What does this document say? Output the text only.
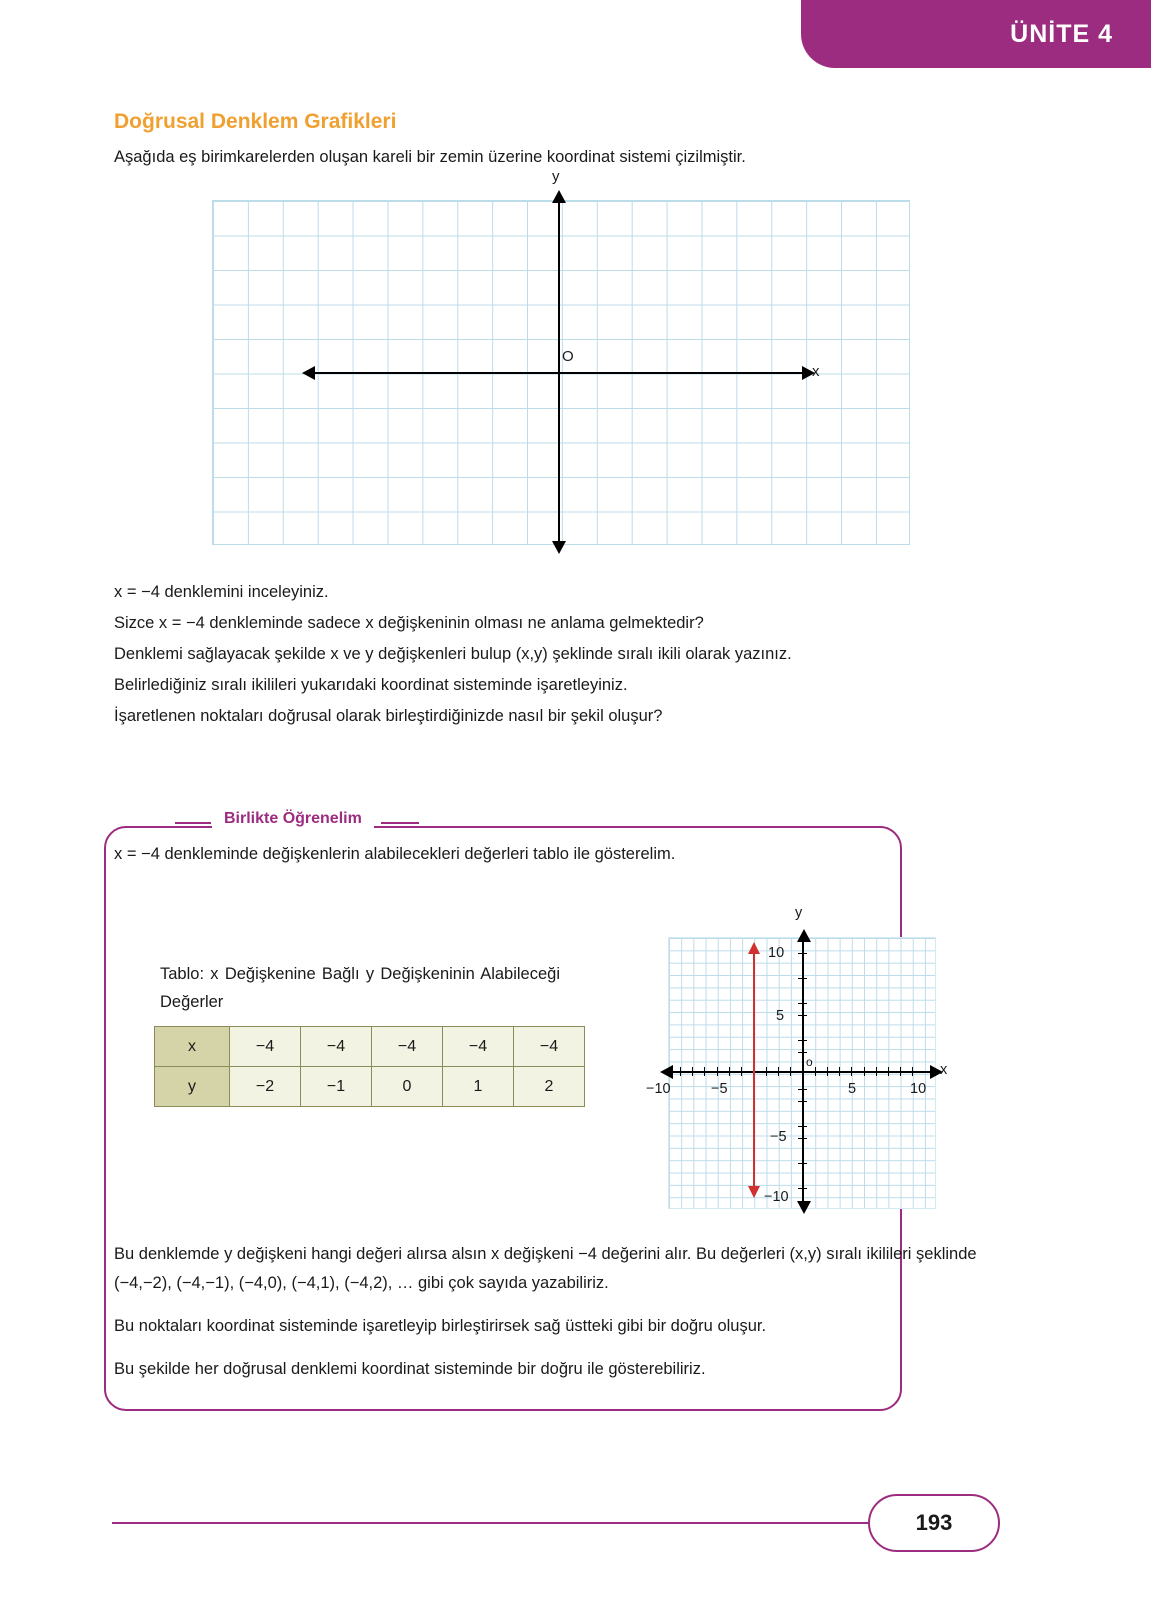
ÜNİTE 4
Doğrusal Denklem Grafikleri
Aşağıda eş birimkarelerden oluşan kareli bir zemin üzerine koordinat sistemi çizilmiştir.
y
x
O

x = −4 denklemini inceleyiniz.

Sizce x = −4 denkleminde sadece x değişkeninin olması ne anlama gelmektedir?

Denklemi sağlayacak şekilde x ve y değişkenleri bulup (x,y) şeklinde sıralı ikili olarak yazınız.

Belirlediğiniz sıralı ikilileri yukarıdaki koordinat sisteminde işaretleyiniz.

İşaretlenen noktaları doğrusal olarak birleştirdiğinizde nasıl bir şekil oluşur?

Birlikte Öğrenelim
x = −4 denkleminde değişkenlerin alabilecekleri değerleri tablo ile gösterelim.
Tablo: x Değişkenine Bağlı y Değişkeninin Alabileceği Değerler
x	−4	−4	−4	−4	−4
y	−2	−1	0	1	2
y
x
o
−10	−5	5	10
10
5
−5
−10
Bu denklemde y değişkeni hangi değeri alırsa alsın x değişkeni −4 değerini alır. Bu değerleri (x,y) sıralı ikilileri şeklinde (−4,−2), (−4,−1), (−4,0), (−4,1), (−4,2), … gibi çok sayıda yazabiliriz.
Bu noktaları koordinat sisteminde işaretleyip birleştirirsek sağ üstteki gibi bir doğru oluşur.
Bu şekilde her doğrusal denklemi koordinat sisteminde bir doğru ile gösterebiliriz.
193
